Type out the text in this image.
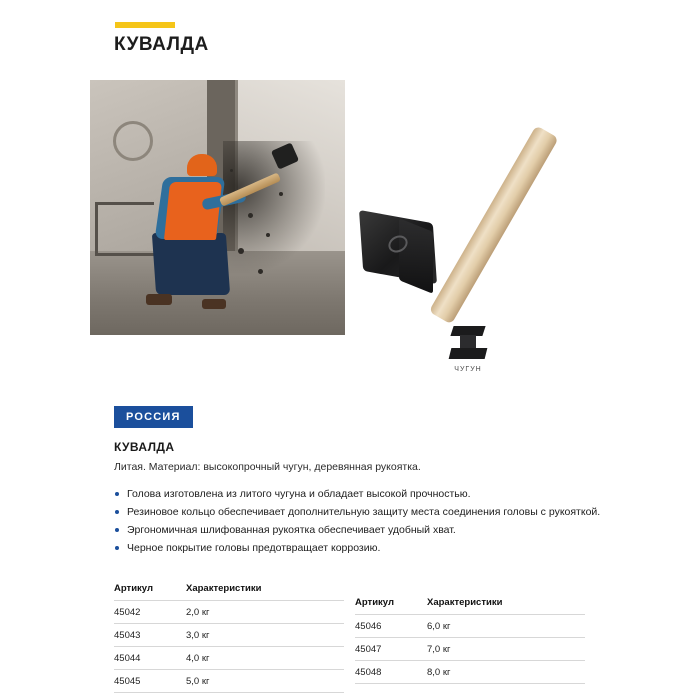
КУВАЛДА
ЧУГУН
РОССИЯ
КУВАЛДА
Литая. Материал: высокопрочный чугун, деревянная рукоятка.
Голова изготовлена из литого чугуна и обладает высокой прочностью.
Резиновое кольцо обеспечивает дополнительную защиту места соединения головы с рукояткой.
Эргономичная шлифованная рукоятка обеспечивает удобный хват.
Черное покрытие головы предотвращает коррозию.
Артикул	Характеристики
45042	2,0 кг
45043	3,0 кг
45044	4,0 кг
45045	5,0 кг
Артикул	Характеристики
45046	6,0 кг
45047	7,0 кг
45048	8,0 кг
